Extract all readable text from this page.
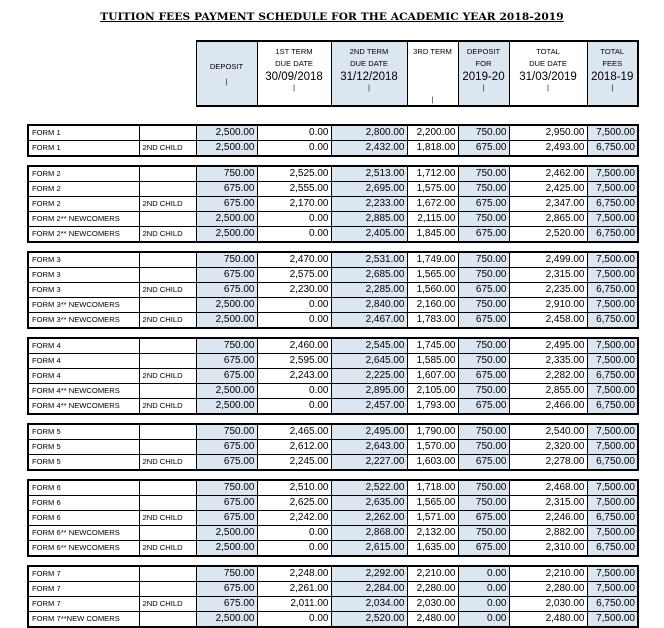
TUITION FEES PAYMENT SCHEDULE FOR THE ACADEMIC YEAR 2018-2019

		DEPOSIT
|	1ST TERM
DUE DATE
30/09/2018
|	2ND TERM
DUE DATE
31/12/2018
|	3RD TERM
|	DEPOSIT
FOR
2019-20
|	TOTAL
DUE DATE
31/03/2019
|	TOTAL
FEES
2018-19
|

FORM 1		2,500.00	0.00	2,800.00	2,200.00	750.00	2,950.00	7,500.00
FORM 1	2ND CHILD	2,500.00	0.00	2,432.00	1,818.00	675.00	2,493.00	6,750.00

FORM 2		750.00	2,525.00	2,513.00	1,712.00	750.00	2,462.00	7,500.00
FORM 2		675.00	2,555.00	2,695.00	1,575.00	750.00	2,425.00	7,500.00
FORM 2	2ND CHILD	675.00	2,170.00	2,233.00	1,672.00	675.00	2,347.00	6,750.00
FORM 2** NEWCOMERS		2,500.00	0.00	2,885.00	2,115.00	750.00	2,865.00	7,500.00
FORM 2** NEWCOMERS	2ND CHILD	2,500.00	0.00	2,405.00	1,845.00	675.00	2,520.00	6,750.00

FORM 3		750.00	2,470.00	2,531.00	1,749.00	750.00	2,499.00	7,500.00
FORM 3		675.00	2,575.00	2,685.00	1,565.00	750.00	2,315.00	7,500.00
FORM 3	2ND CHILD	675.00	2,230.00	2,285.00	1,560.00	675.00	2,235.00	6,750.00
FORM 3** NEWCOMERS		2,500.00	0.00	2,840.00	2,160.00	750.00	2,910.00	7,500.00
FORM 3** NEWCOMERS	2ND CHILD	2,500.00	0.00	2,467.00	1,783.00	675.00	2,458.00	6,750.00

FORM 4		750.00	2,460.00	2,545.00	1,745.00	750.00	2,495.00	7,500.00
FORM 4		675.00	2,595.00	2,645.00	1,585.00	750.00	2,335.00	7,500.00
FORM 4	2ND CHILD	675.00	2,243.00	2,225.00	1,607.00	675.00	2,282.00	6,750.00
FORM 4** NEWCOMERS		2,500.00	0.00	2,895.00	2,105.00	750.00	2,855.00	7,500.00
FORM 4** NEWCOMERS	2ND CHILD	2,500.00	0.00	2,457.00	1,793.00	675.00	2,466.00	6,750.00

FORM 5		750.00	2,465.00	2,495.00	1,790.00	750.00	2,540.00	7,500.00
FORM 5		675.00	2,612.00	2,643.00	1,570.00	750.00	2,320.00	7,500.00
FORM 5	2ND CHILD	675.00	2,245.00	2,227.00	1,603.00	675.00	2,278.00	6,750.00

FORM 6		750.00	2,510.00	2,522.00	1,718.00	750.00	2,468.00	7,500.00
FORM 6		675.00	2,625.00	2,635.00	1,565.00	750.00	2,315.00	7,500.00
FORM 6	2ND CHILD	675.00	2,242.00	2,262.00	1,571.00	675.00	2,246.00	6,750.00
FORM 6** NEWCOMERS		2,500.00	0.00	2,868.00	2,132.00	750.00	2,882.00	7,500.00
FORM 6** NEWCOMERS	2ND CHILD	2,500.00	0.00	2,615.00	1,635.00	675.00	2,310.00	6,750.00

FORM 7		750.00	2,248.00	2,292.00	2,210.00	0.00	2,210.00	7,500.00
FORM 7		675.00	2,261.00	2,284.00	2,280.00	0.00	2,280.00	7,500.00
FORM 7	2ND CHILD	675.00	2,011.00	2,034.00	2,030.00	0.00	2,030.00	6,750.00
FORM 7**NEW COMERS		2,500.00	0.00	2,520.00	2,480.00	0.00	2,480.00	7,500.00
